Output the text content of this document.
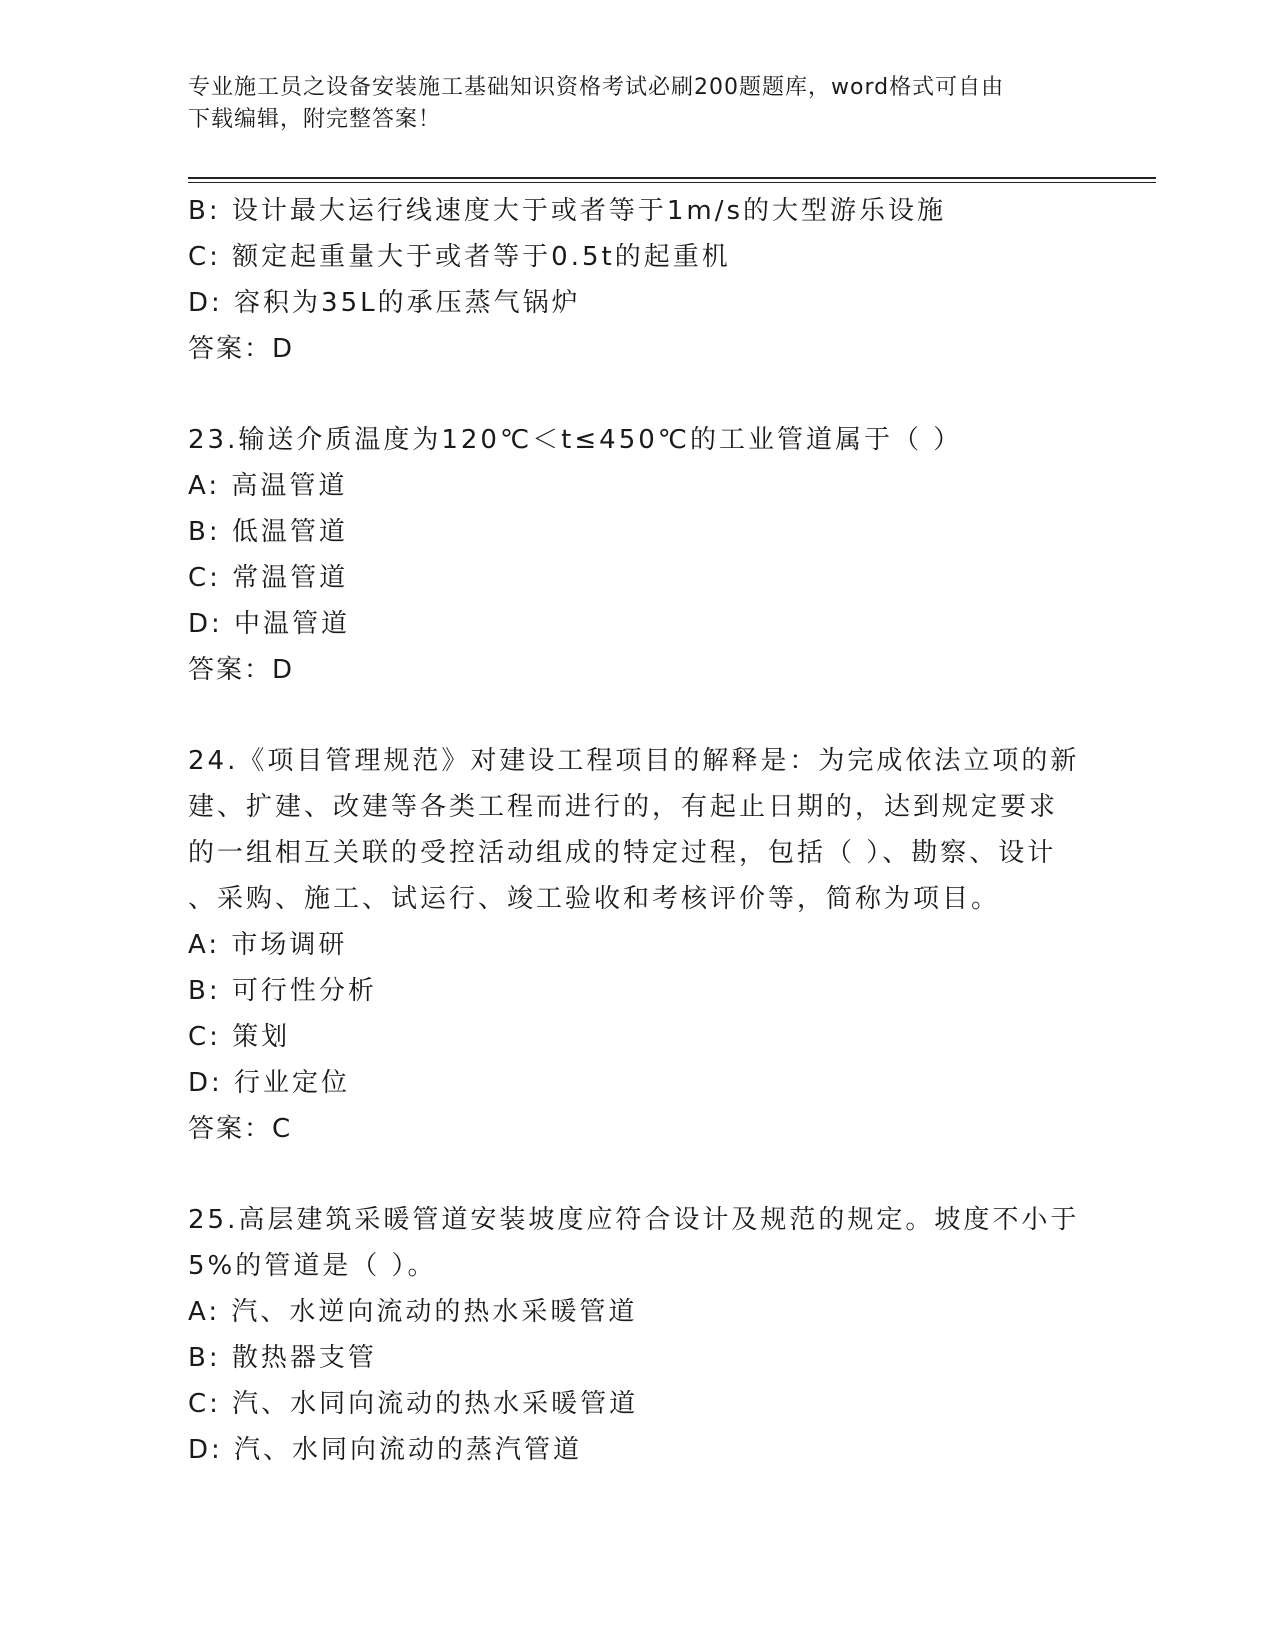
专业施工员之设备安装施工基础知识资格考试必刷200题题库，word格式可自由
下载编辑，附完整答案！
B: 设计最大运行线速度大于或者等于1m/s的大型游乐设施
C: 额定起重量大于或者等于0.5t的起重机
D: 容积为35L的承压蒸气锅炉
答案：D
23.输送介质温度为120℃＜t≤450℃的工业管道属于（ ）
A: 高温管道
B: 低温管道
C: 常温管道
D: 中温管道
答案：D
24.《项目管理规范》对建设工程项目的解释是：为完成依法立项的新
建、扩建、改建等各类工程而进行的，有起止日期的，达到规定要求
的一组相互关联的受控活动组成的特定过程，包括（ ）、勘察、设计
、采购、施工、试运行、竣工验收和考核评价等，简称为项目。
A: 市场调研
B: 可行性分析
C: 策划
D: 行业定位
答案：C
25.高层建筑采暖管道安装坡度应符合设计及规范的规定。坡度不小于
5%的管道是（ ）。
A: 汽、水逆向流动的热水采暖管道
B: 散热器支管
C: 汽、水同向流动的热水采暖管道
D: 汽、水同向流动的蒸汽管道
